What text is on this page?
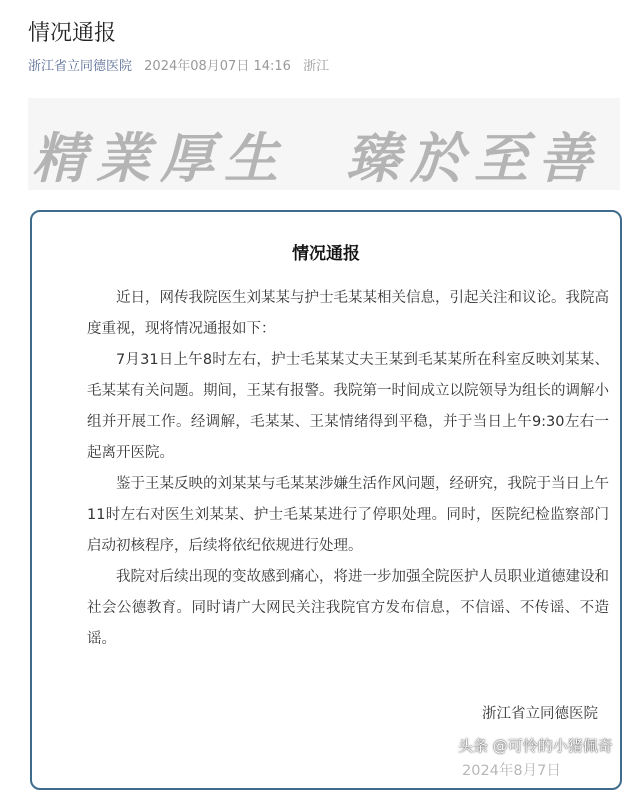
情况通报
浙江省立同德医院 2024年08月07日 14:16 浙江
精業厚生 臻於至善
情况通报

近日，网传我院医生刘某某与护士毛某某相关信息，引起关注和议论。我院高度重视，现将情况通报如下：

7月31日上午8时左右，护士毛某某丈夫王某到毛某某所在科室反映刘某某、毛某某有关问题。期间，王某有报警。我院第一时间成立以院领导为组长的调解小组并开展工作。经调解，毛某某、王某情绪得到平稳，并于当日上午9:30左右一起离开医院。

鉴于王某反映的刘某某与毛某某涉嫌生活作风问题，经研究，我院于当日上午11时左右对医生刘某某、护士毛某某进行了停职处理。同时，医院纪检监察部门启动初核程序，后续将依纪依规进行处理。

我院对后续出现的变故感到痛心，将进一步加强全院医护人员职业道德建设和社会公德教育。同时请广大网民关注我院官方发布信息，不信谣、不传谣、不造谣。

浙江省立同德医院
2024年8月7日
头条 @可怜的小猪佩奇
